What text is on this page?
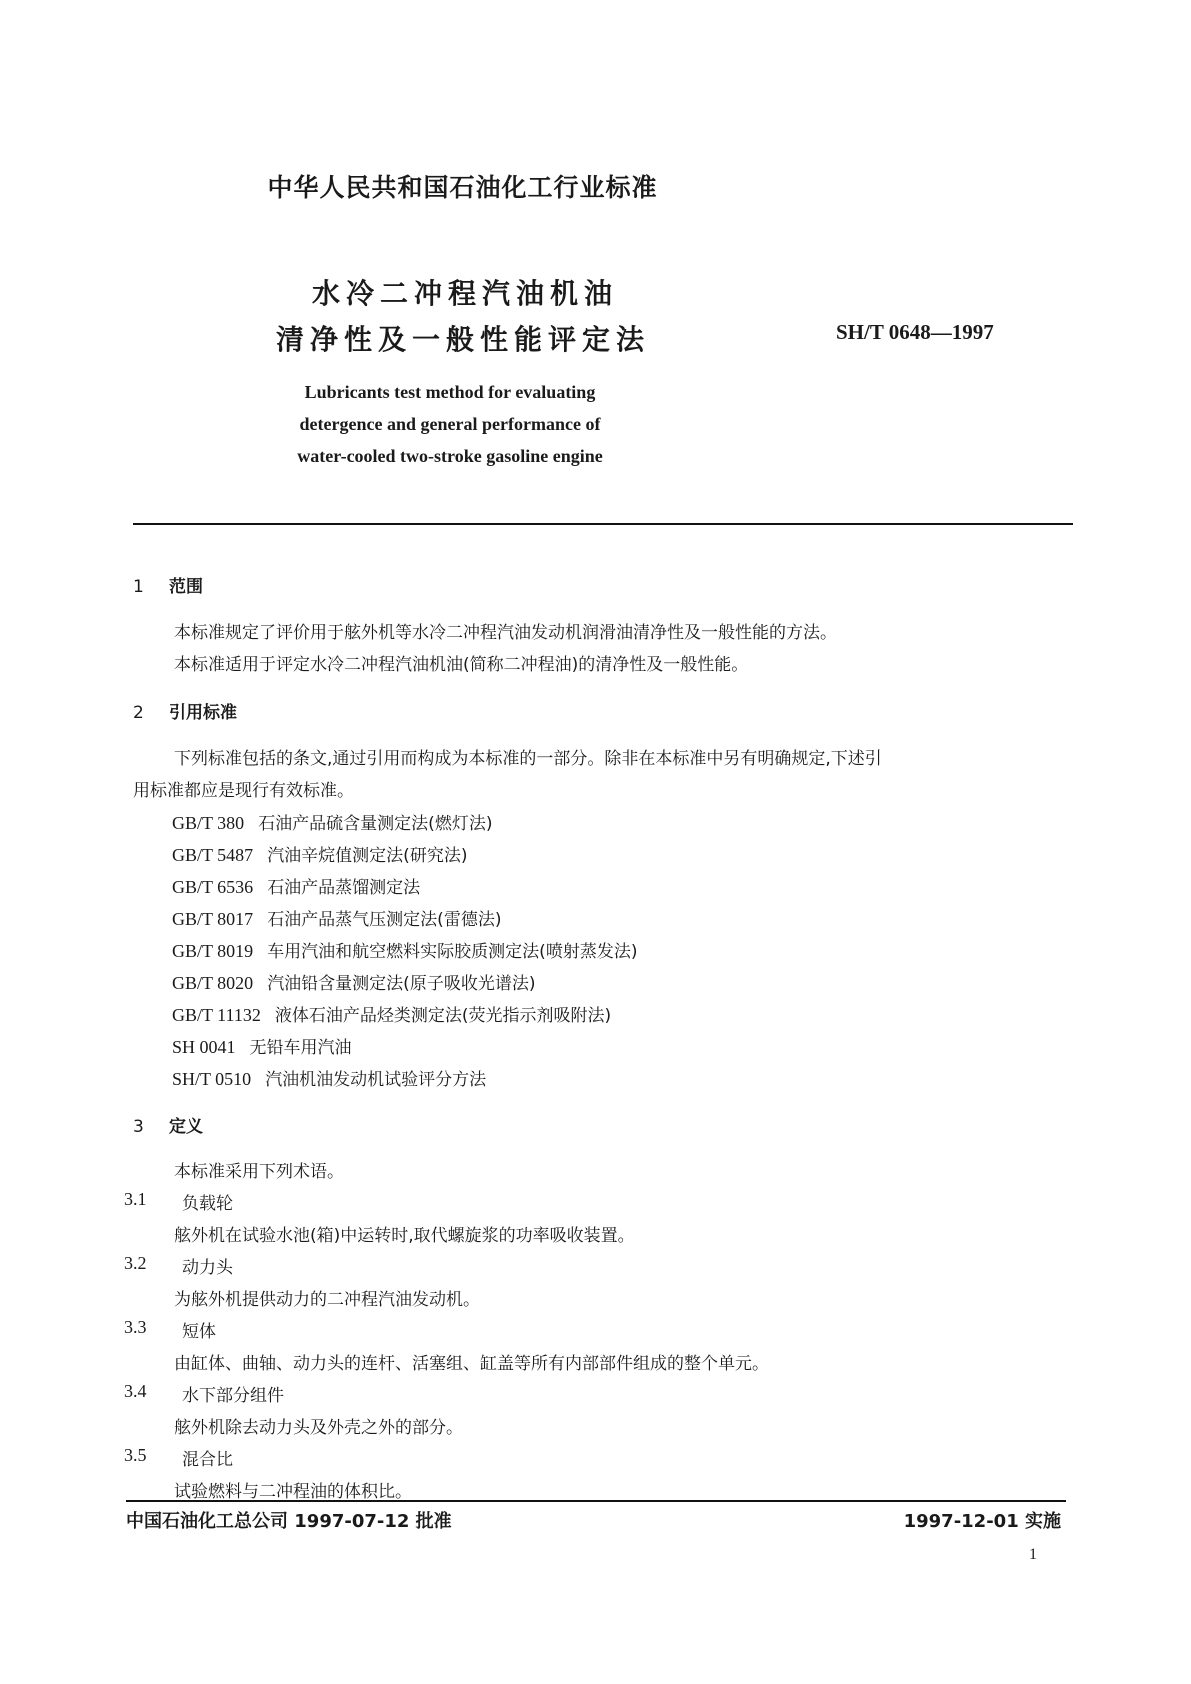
中华人民共和国石油化工行业标准
水冷二冲程汽油机油
清净性及一般性能评定法	SH/T 0648—1997
Lubricants test method for evaluating
detergence and general performance of
water-cooled two-stroke gasoline engine
1 范围
本标准规定了评价用于舷外机等水冷二冲程汽油发动机润滑油清净性及一般性能的方法。
本标准适用于评定水冷二冲程汽油机油(简称二冲程油)的清净性及一般性能。
2 引用标准
下列标准包括的条文,通过引用而构成为本标准的一部分。除非在本标准中另有明确规定,下述引
用标准都应是现行有效标准。
GB/T 380 石油产品硫含量测定法(燃灯法)
GB/T 5487 汽油辛烷值测定法(研究法)
GB/T 6536 石油产品蒸馏测定法
GB/T 8017 石油产品蒸气压测定法(雷德法)
GB/T 8019 车用汽油和航空燃料实际胶质测定法(喷射蒸发法)
GB/T 8020 汽油铅含量测定法(原子吸收光谱法)
GB/T 11132 液体石油产品烃类测定法(荧光指示剂吸附法)
SH 0041 无铅车用汽油
SH/T 0510 汽油机油发动机试验评分方法
3 定义
本标准采用下列术语。
3.1 负载轮
舷外机在试验水池(箱)中运转时,取代螺旋浆的功率吸收装置。
3.2 动力头
为舷外机提供动力的二冲程汽油发动机。
3.3 短体
由缸体、曲轴、动力头的连杆、活塞组、缸盖等所有内部部件组成的整个单元。
3.4 水下部分组件
舷外机除去动力头及外壳之外的部分。
3.5 混合比
试验燃料与二冲程油的体积比。
中国石油化工总公司 1997-07-12 批准	1997-12-01 实施
1
